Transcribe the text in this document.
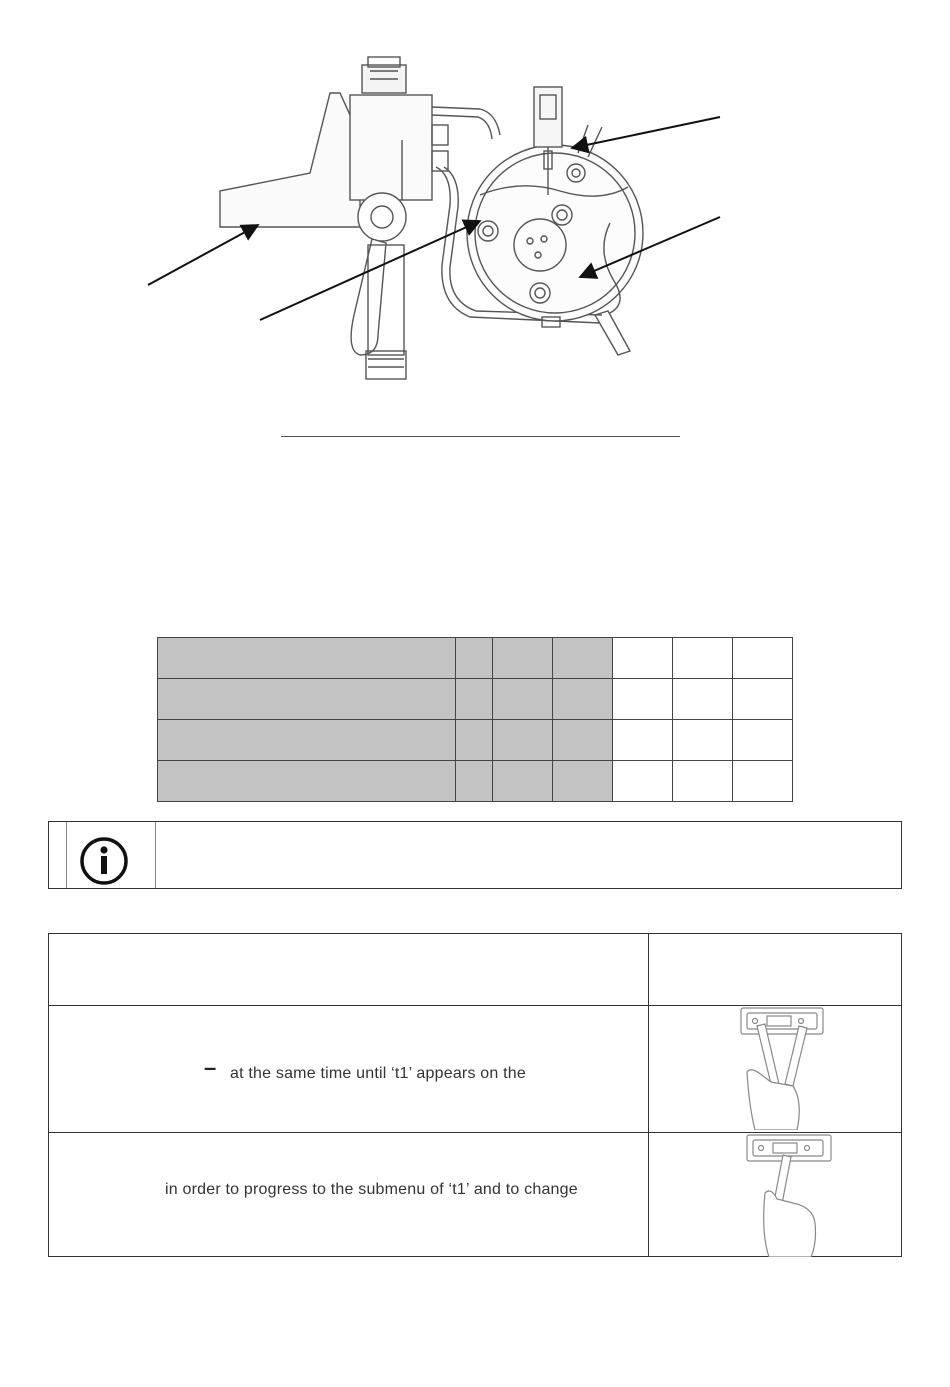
– at the same time until ‘t1’ appears on the
in order to progress to the submenu of ‘t1’ and to change
